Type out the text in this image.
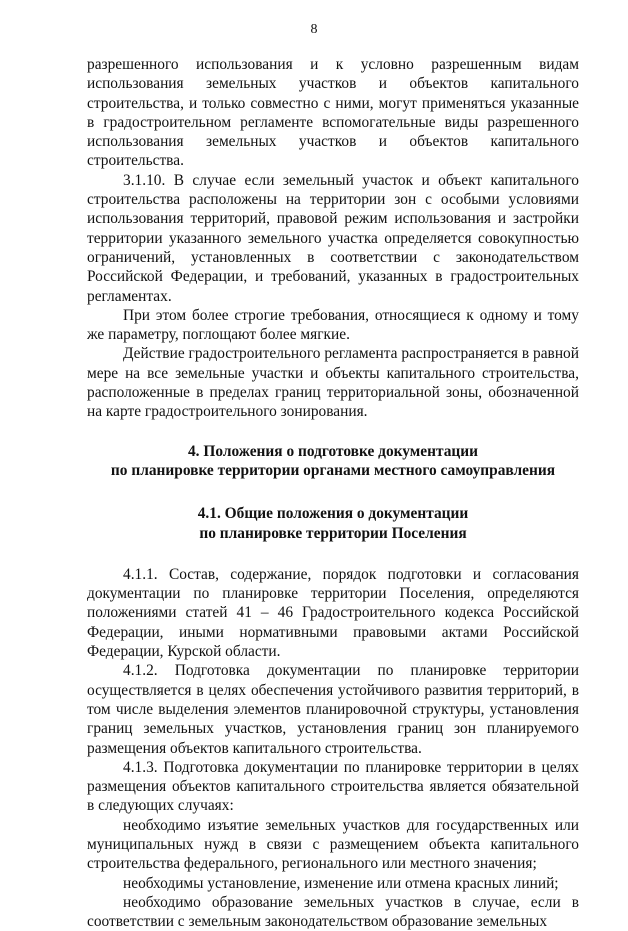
8

разрешенного использования и к условно разрешенным видам использования земельных участков и объектов капитального строительства, и только совместно с ними, могут применяться указанные в градостроительном регламенте вспомогательные виды разрешенного использования земельных участков и объектов капитального строительства.

3.1.10. В случае если земельный участок и объект капитального строительства расположены на территории зон с особыми условиями использования территорий, правовой режим использования и застройки территории указанного земельного участка определяется совокупностью ограничений, установленных в соответствии с законодательством Российской Федерации, и требований, указанных в градостроительных регламентах.

При этом более строгие требования, относящиеся к одному и тому же параметру, поглощают более мягкие.

Действие градостроительного регламента распространяется в равной мере на все земельные участки и объекты капитального строительства, расположенные в пределах границ территориальной зоны, обозначенной на карте градостроительного зонирования.

4. Положения о подготовке документации

по планировке территории органами местного самоуправления

4.1. Общие положения о документации

по планировке территории Поселения

4.1.1. Состав, содержание, порядок подготовки и согласования документации по планировке территории Поселения, определяются положениями статей 41 – 46 Градостроительного кодекса Российской Федерации, иными нормативными правовыми актами Российской Федерации, Курской области.

4.1.2. Подготовка документации по планировке территории осуществляется в целях обеспечения устойчивого развития территорий, в том числе выделения элементов планировочной структуры, установления границ земельных участков, установления границ зон планируемого размещения объектов капитального строительства.

4.1.3. Подготовка документации по планировке территории в целях размещения объектов капитального строительства является обязательной в следующих случаях:

необходимо изъятие земельных участков для государственных или муниципальных нужд в связи с размещением объекта капитального строительства федерального, регионального или местного значения;

необходимы установление, изменение или отмена красных линий;

необходимо образование земельных участков в случае, если в соответствии с земельным законодательством образование земельных
